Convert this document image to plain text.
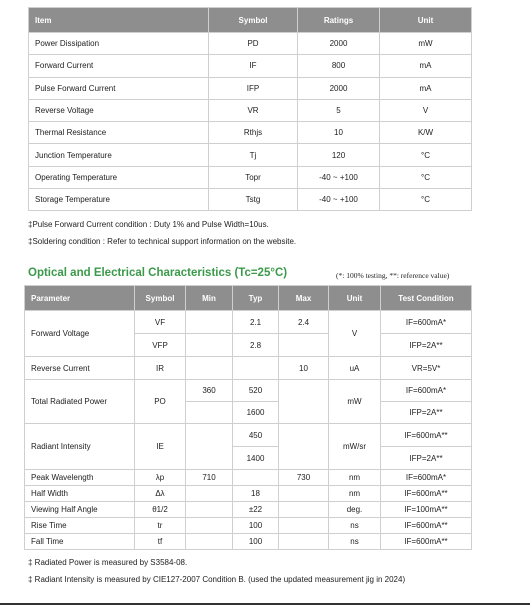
Item	Symbol	Ratings	Unit
Power Dissipation	PD	2000	mW
Forward Current	IF	800	mA
Pulse Forward Current	IFP	2000	mA
Reverse Voltage	VR	5	V
Thermal Resistance	Rthjs	10	K/W
Junction Temperature	Tj	120	°C
Operating Temperature	Topr	-40 ~ +100	°C
Storage Temperature	Tstg	-40 ~ +100	°C
‡Pulse Forward Current condition : Duty 1% and Pulse Width=10us.
‡Soldering condition : Refer to technical support information on the website.
Optical and Electrical Characteristics (Tc=25°C)	(*: 100% testing, **: reference value)
Parameter	Symbol	Min	Typ	Max	Unit	Test Condition
Forward Voltage	VF		2.1	2.4	V	IF=600mA*
	VFP		2.8			IFP=2A**
Reverse Current	IR			10	uA	VR=5V*
Total Radiated Power	PO	360	520		mW	IF=600mA*
			1600			IFP=2A**
Radiant Intensity	IE		450		mW/sr	IF=600mA**
			1400			IFP=2A**
Peak Wavelength	λp	710		730	nm	IF=600mA*
Half Width	Δλ		18		nm	IF=600mA**
Viewing Half Angle	θ1/2		±22		deg.	IF=100mA**
Rise Time	tr		100		ns	IF=600mA**
Fall Time	tf		100		ns	IF=600mA**
‡ Radiated Power is measured by S3584-08.
‡ Radiant Intensity is measured by CIE127-2007 Condition B. (used the updated measurement jig in 2024)
